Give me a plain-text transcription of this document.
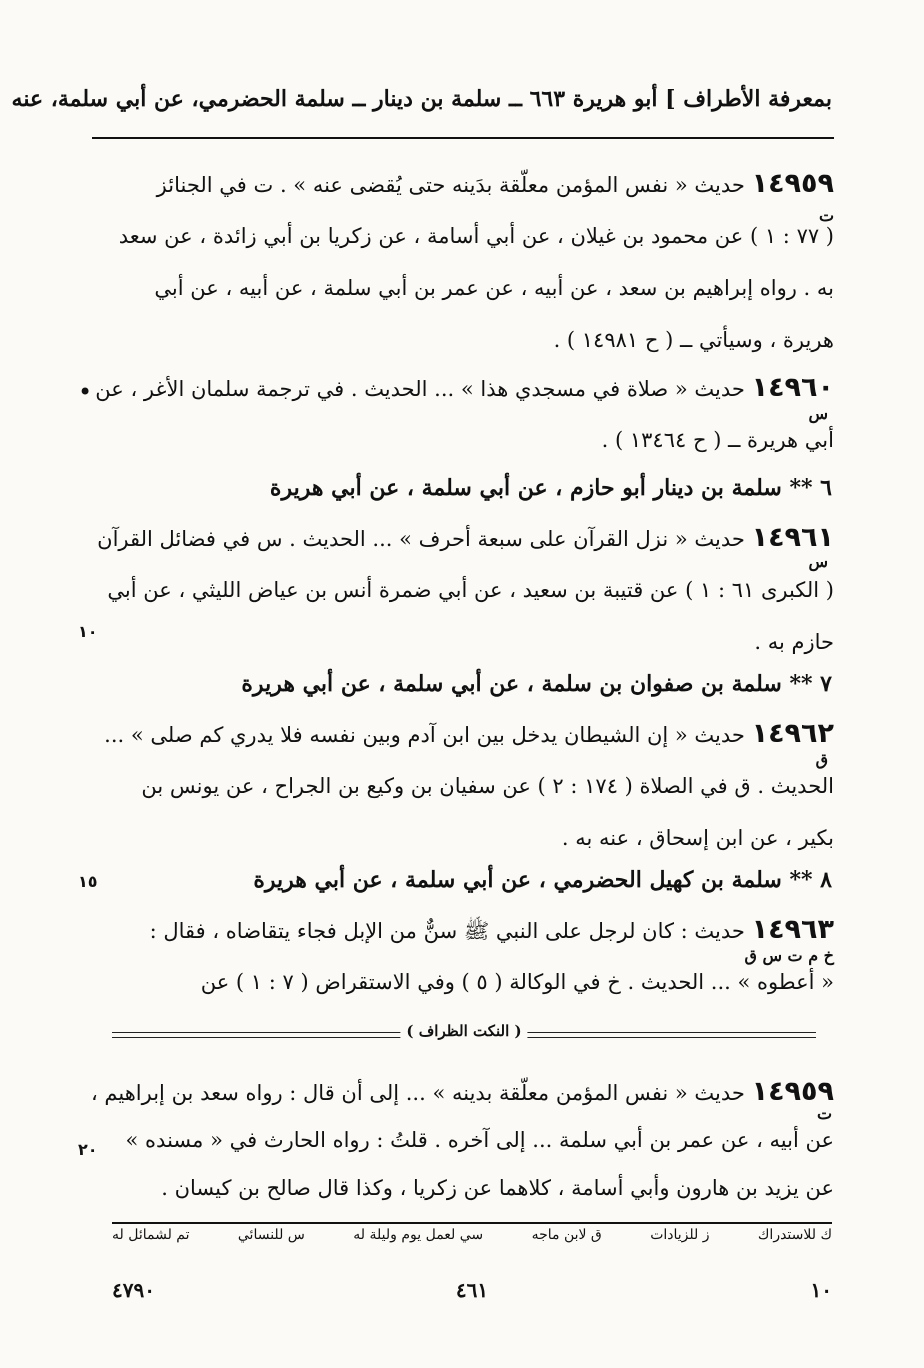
بمعرفة الأطراف ] أبو هريرة ٦٦٣ ــ سلمة بن دينار ــ سلمة الحضرمي، عن أبي سلمة، عنه
١٤٩٥٩ حديث « نفس المؤمن معلّقة بدَينه حتى يُقضى عنه » . ت في الجنائز
( ٧٧ : ١ ) عن محمود بن غيلان ، عن أبي أسامة ، عن زكريا بن أبي زائدة ، عن سعد
به . رواه إبراهيم بن سعد ، عن أبيه ، عن عمر بن أبي سلمة ، عن أبيه ، عن أبي
هريرة ، وسيأتي ــ ( ح ١٤٩٨١ ) .
ت
١٤٩٦٠ حديث « صلاة في مسجدي هذا » ... الحديث . في ترجمة سلمان الأغر ، عن
أبي هريرة ــ ( ح ١٣٤٦٤ ) .
س
•
٦ ** سلمة بن دينار أبو حازم ، عن أبي سلمة ، عن أبي هريرة
١٤٩٦١ حديث « نزل القرآن على سبعة أحرف » ... الحديث . س في فضائل القرآن
( الكبرى ٦١ : ١ ) عن قتيبة بن سعيد ، عن أبي ضمرة أنس بن عياض الليثي ، عن أبي
حازم به .
س
١٠
٧ ** سلمة بن صفوان بن سلمة ، عن أبي سلمة ، عن أبي هريرة
١٤٩٦٢ حديث « إن الشيطان يدخل بين ابن آدم وبين نفسه فلا يدري كم صلى » ...
الحديث . ق في الصلاة ( ١٧٤ : ٢ ) عن سفيان بن وكيع بن الجراح ، عن يونس بن
بكير ، عن ابن إسحاق ، عنه به .
ق
٨ ** سلمة بن كهيل الحضرمي ، عن أبي سلمة ، عن أبي هريرة
١٥
١٤٩٦٣ حديث : كان لرجل على النبي ﷺ سنٌّ من الإبل فجاء يتقاضاه ، فقال :
« أعطوه » ... الحديث . خ في الوكالة ( ٥ ) وفي الاستقراض ( ٧ : ١ ) عن
خ م ت س ق
( النكت الظراف )
١٤٩٥٩ حديث « نفس المؤمن معلّقة بدينه » ... إلى أن قال : رواه سعد بن إبراهيم ،
عن أبيه ، عن عمر بن أبي سلمة ... إلى آخره . قلتُ : رواه الحارث في « مسنده »
عن يزيد بن هارون وأبي أسامة ، كلاهما عن زكريا ، وكذا قال صالح بن كيسان .
ت
٢٠
تم لشمائل له	س للنسائي	سي لعمل يوم وليلة له	ق لابن ماجه	ز للزيادات	ك للاستدراك
٤٧٩٠	٤٦١	١٠
